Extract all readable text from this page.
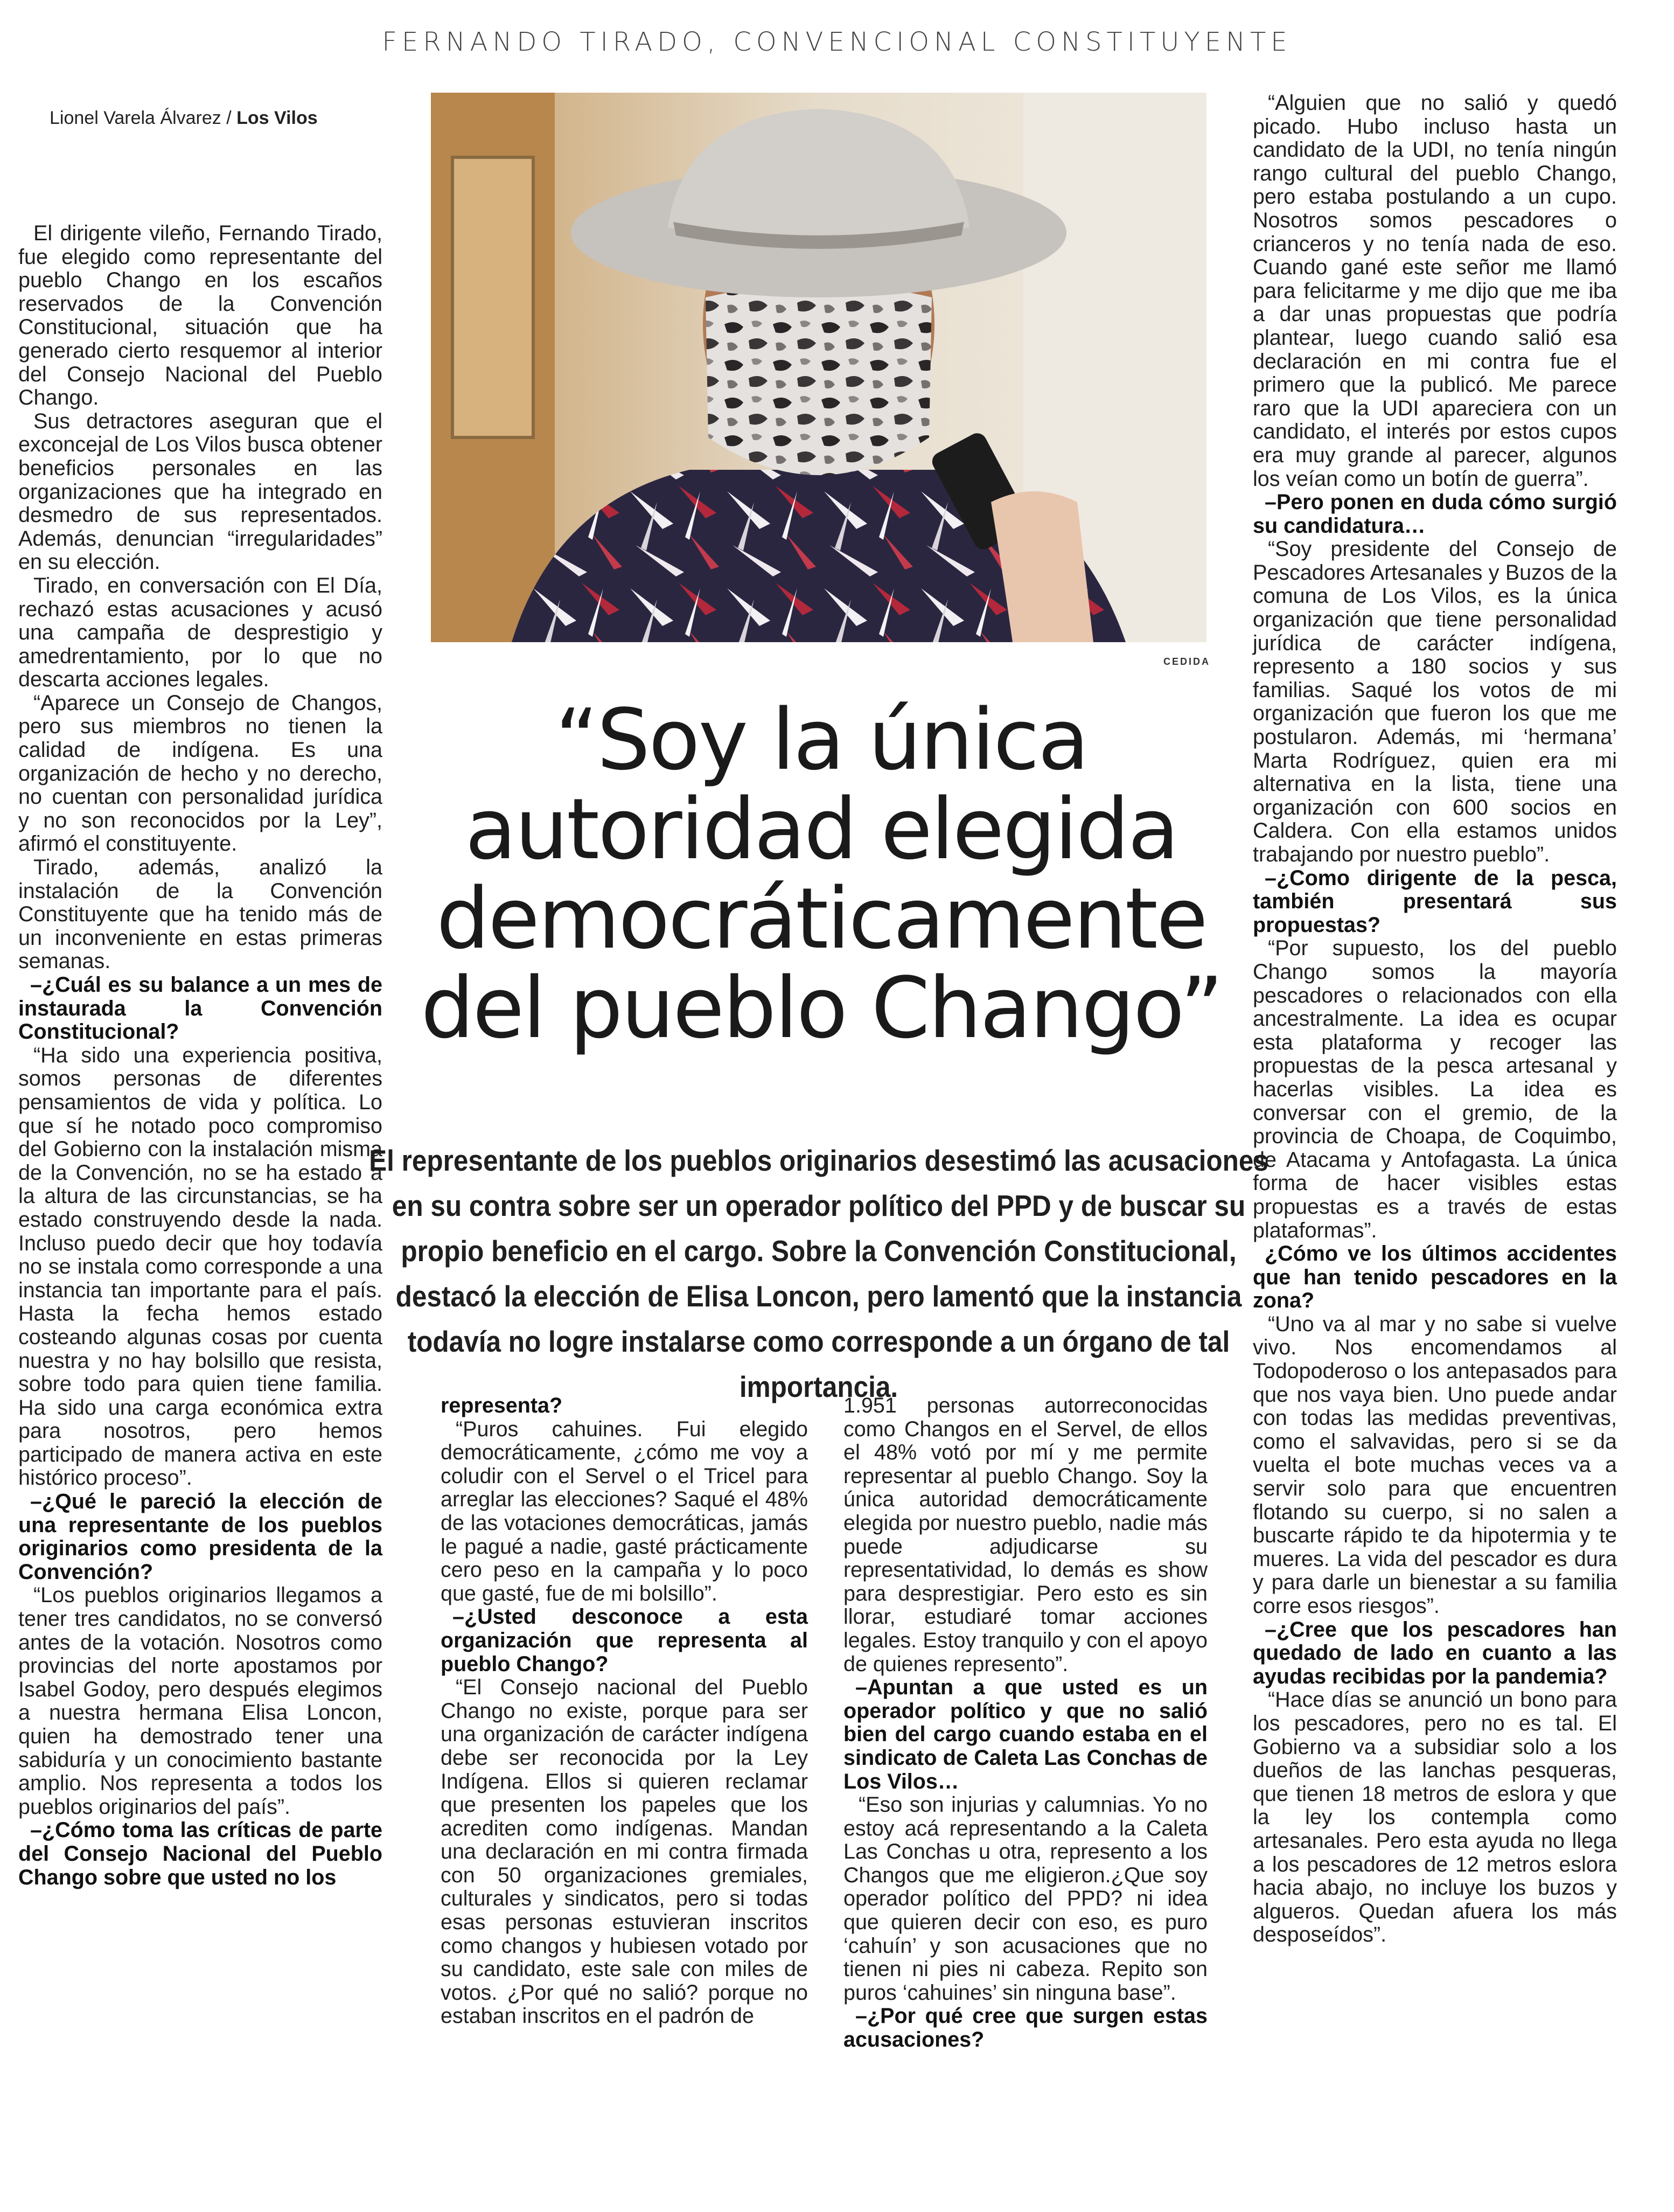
FERNANDO TIRADO, CONVENCIONAL CONSTITUYENTE
Lionel Varela Álvarez / Los Vilos
CEDIDA
“Soy la única autoridad elegida democráticamente del pueblo Chango”
El representante de los pueblos originarios desestimó las acusaciones en su contra sobre ser un operador político del PPD y de buscar su propio beneficio en el cargo. Sobre la Convención Constitucional, destacó la elección de Elisa Loncon, pero lamentó que la instancia todavía no logre instalarse como corresponde a un órgano de tal importancia.

El dirigente vileño, Fernando Tirado, fue elegido como representante del pueblo Chango en los escaños reservados de la Convención Constitucional, situación que ha generado cierto resquemor al interior del Consejo Nacional del Pueblo Chango.

Sus detractores aseguran que el exconcejal de Los Vilos busca obtener beneficios personales en las organizaciones que ha integrado en desmedro de sus representados. Además, denuncian “irregularidades” en su elección.

Tirado, en conversación con El Día, rechazó estas acusaciones y acusó una campaña de desprestigio y amedrentamiento, por lo que no descarta acciones legales.

“Aparece un Consejo de Changos, pero sus miembros no tienen la calidad de indígena. Es una organización de hecho y no derecho, no cuentan con personalidad jurídica y no son reconocidos por la Ley”, afirmó el constituyente.

Tirado, además, analizó la instalación de la Convención Constituyente que ha tenido más de un inconveniente en estas primeras semanas.

–¿Cuál es su balance a un mes de instaurada la Convención Constitucional?

“Ha sido una experiencia positiva, somos personas de diferentes pensamientos de vida y política. Lo que sí he notado poco compromiso del Gobierno con la instalación misma de la Convención, no se ha estado a la altura de las circunstancias, se ha estado construyendo desde la nada. Incluso puedo decir que hoy todavía no se instala como corresponde a una instancia tan importante para el país. Hasta la fecha hemos estado costeando algunas cosas por cuenta nuestra y no hay bolsillo que resista, sobre todo para quien tiene familia. Ha sido una carga económica extra para nosotros, pero hemos participado de manera activa en este histórico proceso”.

–¿Qué le pareció la elección de una representante de los pueblos originarios como presidenta de la Convención?

“Los pueblos originarios llegamos a tener tres candidatos, no se conversó antes de la votación. Nosotros como provincias del norte apostamos por Isabel Godoy, pero después elegimos a nuestra hermana Elisa Loncon, quien ha demostrado tener una sabiduría y un conocimiento bastante amplio. Nos representa a todos los pueblos originarios del país”.

–¿Cómo toma las críticas de parte del Consejo Nacional del Pueblo Chango sobre que usted no los

representa?

“Puros cahuines. Fui elegido democráticamente, ¿cómo me voy a coludir con el Servel o el Tricel para arreglar las elecciones? Saqué el 48% de las votaciones democráticas, jamás le pagué a nadie, gasté prácticamente cero peso en la campaña y lo poco que gasté, fue de mi bolsillo”.

–¿Usted desconoce a esta organización que representa al pueblo Chango?

“El Consejo nacional del Pueblo Chango no existe, porque para ser una organización de carácter indígena debe ser reconocida por la Ley Indígena. Ellos si quieren reclamar que presenten los papeles que los acrediten como indígenas. Mandan una declaración en mi contra firmada con 50 organizaciones gremiales, culturales y sindicatos, pero si todas esas personas estuvieran inscritos como changos y hubiesen votado por su candidato, este sale con miles de votos. ¿Por qué no salió? porque no estaban inscritos en el padrón de

1.951 personas autorreconocidas como Changos en el Servel, de ellos el 48% votó por mí y me permite representar al pueblo Chango. Soy la única autoridad democráticamente elegida por nuestro pueblo, nadie más puede adjudicarse su representatividad, lo demás es show para desprestigiar. Pero esto es sin llorar, estudiaré tomar acciones legales. Estoy tranquilo y con el apoyo de quienes represento”.

–Apuntan a que usted es un operador político y que no salió bien del cargo cuando estaba en el sindicato de Caleta Las Conchas de Los Vilos…

“Eso son injurias y calumnias. Yo no estoy acá representando a la Caleta Las Conchas u otra, represento a los Changos que me eligieron.¿Que soy operador político del PPD? ni idea que quieren decir con eso, es puro ‘cahuín’ y son acusaciones que no tienen ni pies ni cabeza. Repito son puros ‘cahuines’ sin ninguna base”.

–¿Por qué cree que surgen estas acusaciones?

“Alguien que no salió y quedó picado. Hubo incluso hasta un candidato de la UDI, no tenía ningún rango cultural del pueblo Chango, pero estaba postulando a un cupo. Nosotros somos pescadores o crianceros y no tenía nada de eso. Cuando gané este señor me llamó para felicitarme y me dijo que me iba a dar unas propuestas que podría plantear, luego cuando salió esa declaración en mi contra fue el primero que la publicó. Me parece raro que la UDI apareciera con un candidato, el interés por estos cupos era muy grande al parecer, algunos los veían como un botín de guerra”.

–Pero ponen en duda cómo surgió su candidatura…

“Soy presidente del Consejo de Pescadores Artesanales y Buzos de la comuna de Los Vilos, es la única organización que tiene personalidad jurídica de carácter indígena, represento a 180 socios y sus familias. Saqué los votos de mi organización que fueron los que me postularon. Además, mi ‘hermana’ Marta Rodríguez, quien era mi alternativa en la lista, tiene una organización con 600 socios en Caldera. Con ella estamos unidos trabajando por nuestro pueblo”.

–¿Como dirigente de la pesca, también presentará sus propuestas?

“Por supuesto, los del pueblo Chango somos la mayoría pescadores o relacionados con ella ancestralmente. La idea es ocupar esta plataforma y recoger las propuestas de la pesca artesanal y hacerlas visibles. La idea es conversar con el gremio, de la provincia de Choapa, de Coquimbo, de Atacama y Antofagasta. La única forma de hacer visibles estas propuestas es a través de estas plataformas”.

¿Cómo ve los últimos accidentes que han tenido pescadores en la zona?

“Uno va al mar y no sabe si vuelve vivo. Nos encomendamos al Todopoderoso o los antepasados para que nos vaya bien. Uno puede andar con todas las medidas preventivas, como el salvavidas, pero si se da vuelta el bote muchas veces va a servir solo para que encuentren flotando su cuerpo, si no salen a buscarte rápido te da hipotermia y te mueres. La vida del pescador es dura y para darle un bienestar a su familia corre esos riesgos”.

–¿Cree que los pescadores han quedado de lado en cuanto a las ayudas recibidas por la pandemia?

“Hace días se anunció un bono para los pescadores, pero no es tal. El Gobierno va a subsidiar solo a los dueños de las lanchas pesqueras, que tienen 18 metros de eslora y que la ley los contempla como artesanales. Pero esta ayuda no llega a los pescadores de 12 metros eslora hacia abajo, no incluye los buzos y algueros. Quedan afuera los más desposeídos”.
